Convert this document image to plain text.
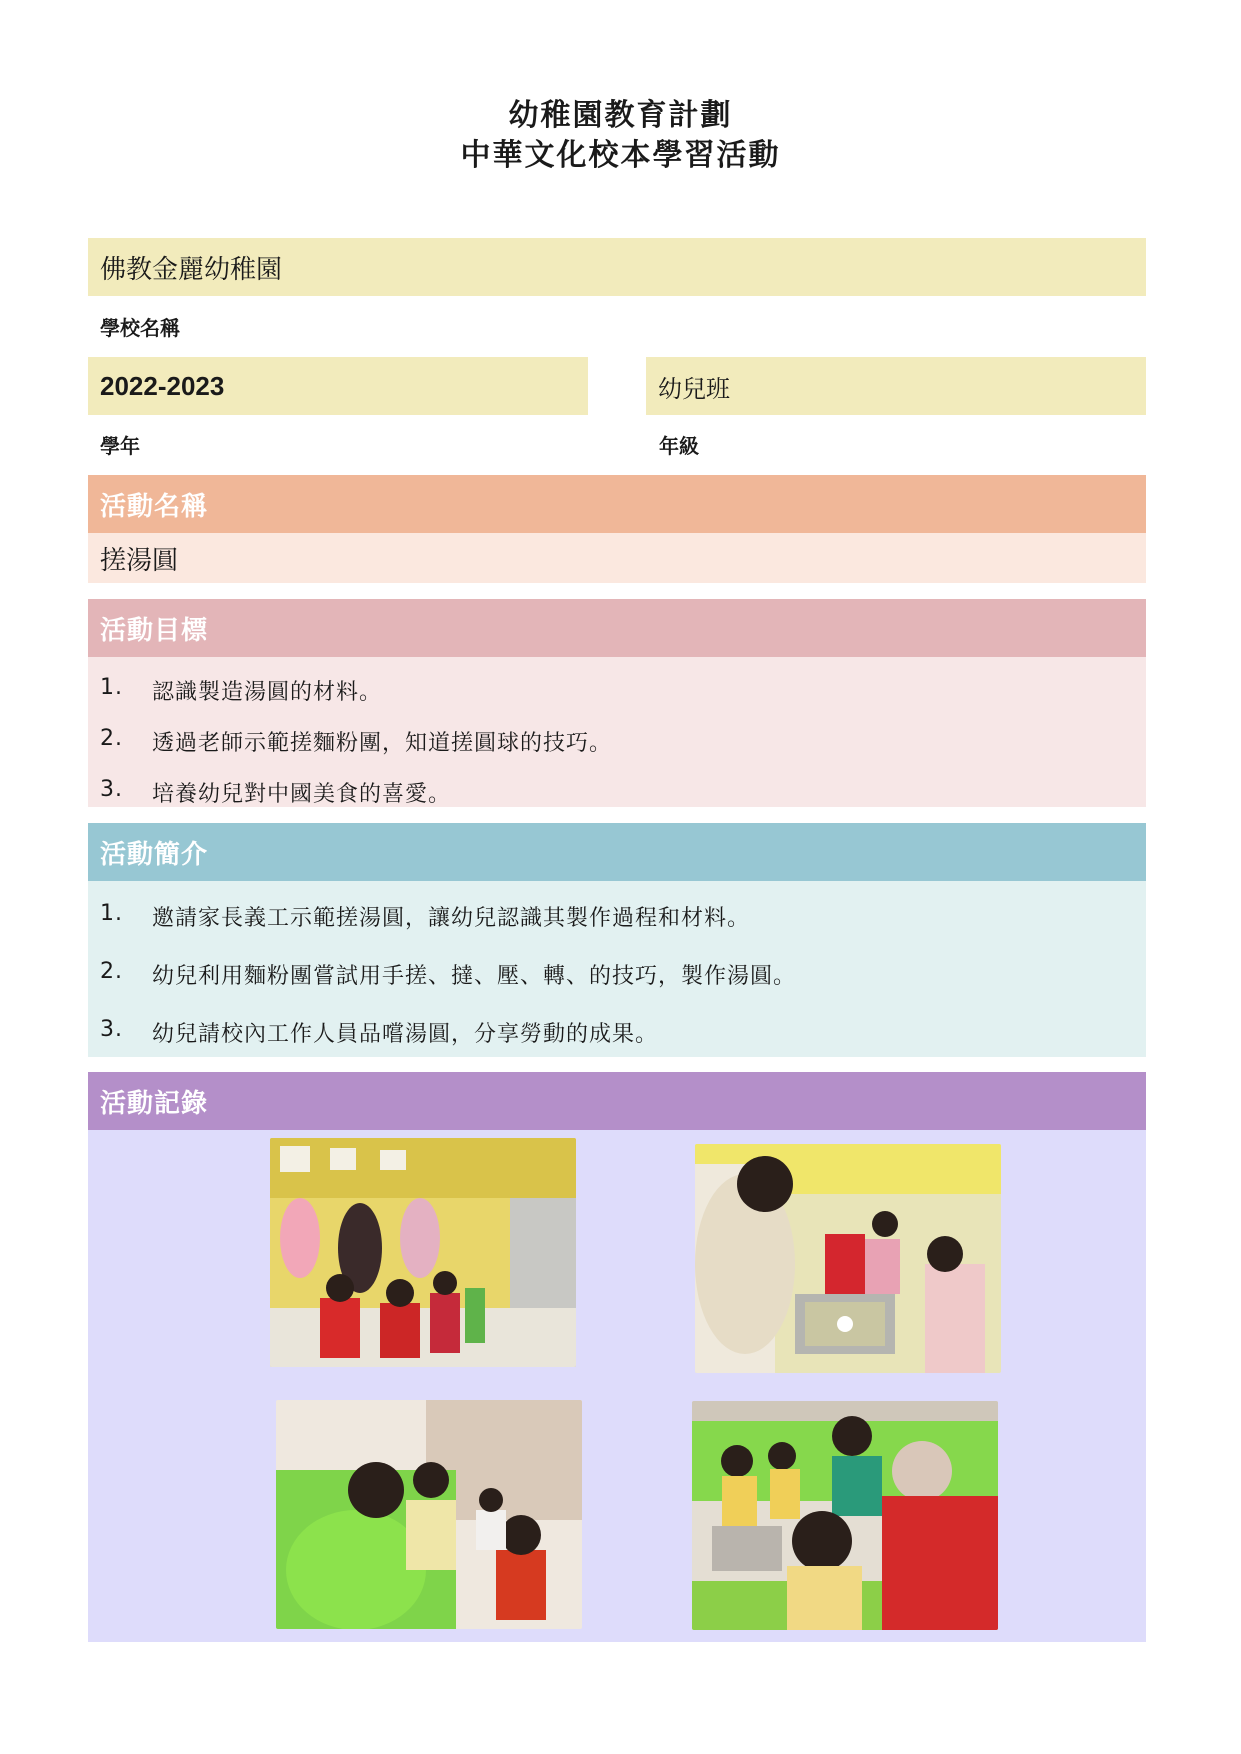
幼稚園教育計劃
中華文化校本學習活動
佛教金麗幼稚園
學校名稱
2022-2023
學年
幼兒班
年級
活動名稱
搓湯圓
活動目標
1.	認識製造湯圓的材料。
2.	透過老師示範搓麵粉團，知道搓圓球的技巧。
3.	培養幼兒對中國美食的喜愛。
活動簡介
1.	邀請家長義工示範搓湯圓，讓幼兒認識其製作過程和材料。
2.	幼兒利用麵粉團嘗試用手搓、撻、壓、轉、的技巧，製作湯圓。
3.	幼兒請校內工作人員品嚐湯圓，分享勞動的成果。
活動記錄
